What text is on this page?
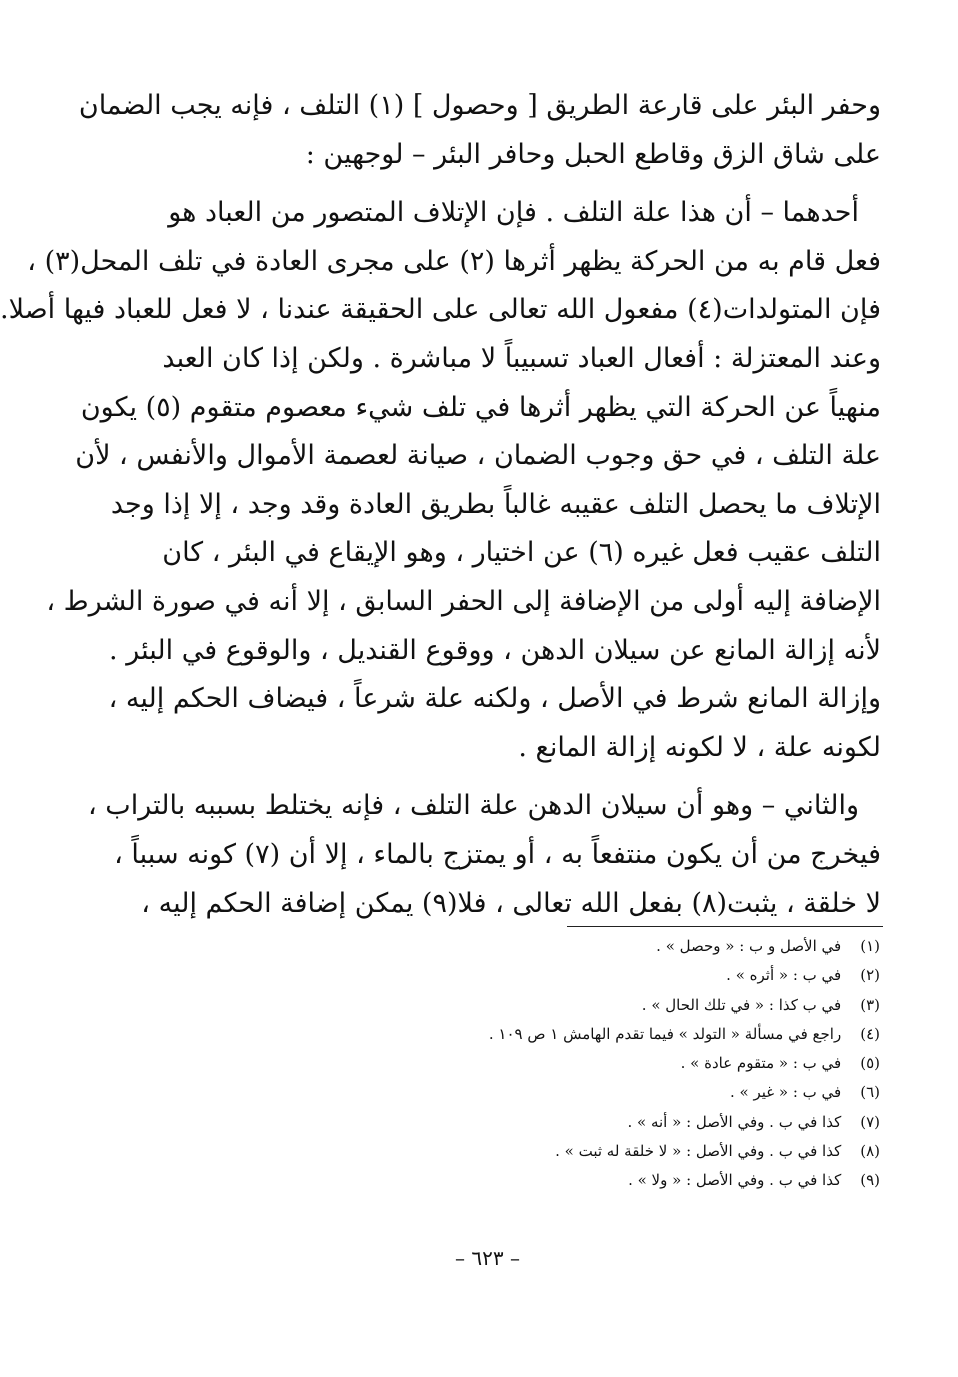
وحفر البئر على قارعة الطريق [ وحصول ] (١) التلف ، فإنه يجب الضمان
على شاق الزق وقاطع الحبل وحافر البئر – لوجهين :

أحدهما – أن هذا علة التلف . فإن الإتلاف المتصور من العباد هو
فعل قام به من الحركة يظهر أثرها (٢) على مجرى العادة في تلف المحل(٣) ،
فإن المتولدات(٤) مفعول الله تعالى على الحقيقة عندنا ، لا فعل للعباد فيها أصلا.
وعند المعتزلة : أفعال العباد تسبيباً لا مباشرة . ولكن إذا كان العبد
منهياً عن الحركة التي يظهر أثرها في تلف شيء معصوم متقوم (٥) يكون
علة التلف ، في حق وجوب الضمان ، صيانة لعصمة الأموال والأنفس ، لأن
الإتلاف ما يحصل التلف عقيبه غالباً بطريق العادة وقد وجد ، إلا إذا وجد
التلف عقيب فعل غيره (٦) عن اختيار ، وهو الإيقاع في البئر ، كان
الإضافة إليه أولى من الإضافة إلى الحفر السابق ، إلا أنه في صورة الشرط ،
لأنه إزالة المانع عن سيلان الدهن ، ووقوع القنديل ، والوقوع في البئر .
وإزالة المانع شرط في الأصل ، ولكنه علة شرعاً ، فيضاف الحكم إليه ،
لكونه علة ، لا لكونه إزالة المانع .

والثاني – وهو أن سيلان الدهن علة التلف ، فإنه يختلط بسببه بالتراب ،
فيخرج من أن يكون منتفعاً به ، أو يمتزج بالماء ، إلا أن (٧) كونه سبباً ،
لا خلقة ، يثبت(٨) بفعل الله تعالى ، فلا(٩) يمكن إضافة الحكم إليه ،

(١) في الأصل و ب : « وحصل » .
(٢) في ب : « أثره » .
(٣) في ب كذا : « في تلك الحال » .
(٤) راجع في مسألة « التولد » فيما تقدم الهامش ١ ص ١٠٩ .
(٥) في ب : « متقوم عادة » .
(٦) في ب : « غير » .
(٧) كذا في ب . وفي الأصل : « أنه » .
(٨) كذا في ب . وفي الأصل : « لا خلقة له ثبت » .
(٩) كذا في ب . وفي الأصل : « ولا » .
– ٦٢٣ –
